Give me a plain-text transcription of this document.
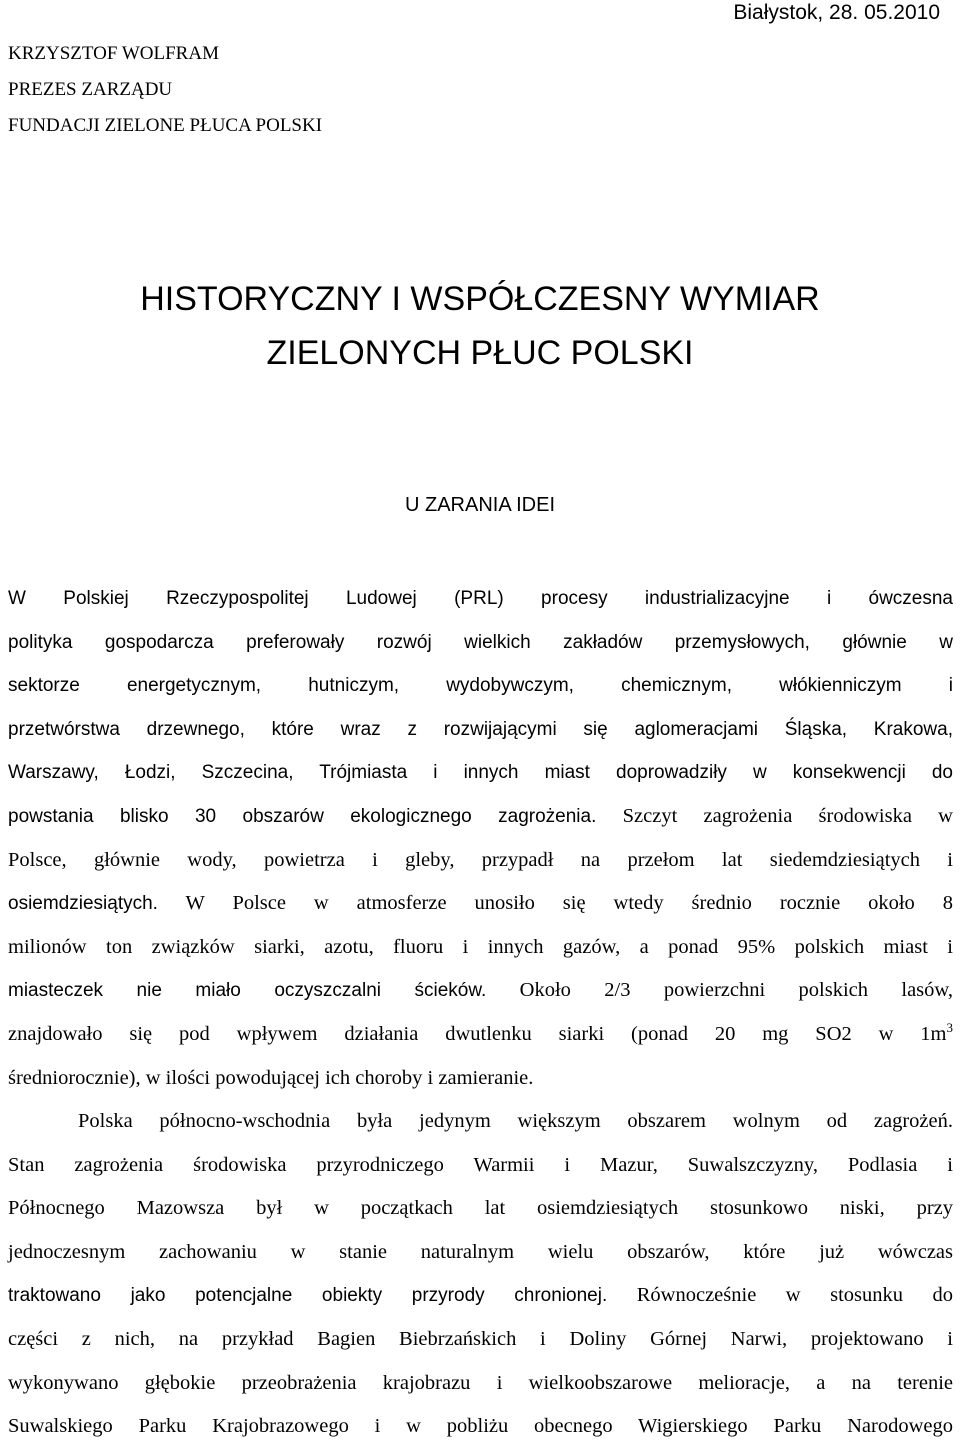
Białystok, 28. 05.2010
KRZYSZTOF WOLFRAM
PREZES ZARZĄDU
FUNDACJI ZIELONE PŁUCA POLSKI
HISTORYCZNY I WSPÓŁCZESNY WYMIAR
ZIELONYCH PŁUC POLSKI
U ZARANIA IDEI
W Polskiej Rzeczypospolitej Ludowej (PRL) procesy industrializacyjne i ówczesna
polityka gospodarcza preferowały rozwój wielkich zakładów przemysłowych, głównie w
sektorze energetycznym, hutniczym, wydobywczym, chemicznym, włókienniczym i
przetwórstwa drzewnego, które wraz z rozwijającymi się aglomeracjami Śląska, Krakowa,
Warszawy, Łodzi, Szczecina, Trójmiasta i innych miast doprowadziły w konsekwencji do
powstania blisko 30 obszarów ekologicznego zagrożenia. Szczyt zagrożenia środowiska w
Polsce, głównie wody, powietrza i gleby, przypadł na przełom lat siedemdziesiątych i
osiemdziesiątych. W Polsce w atmosferze unosiło się wtedy średnio rocznie około 8
milionów ton związków siarki, azotu, fluoru i innych gazów, a ponad 95% polskich miast i
miasteczek nie miało oczyszczalni ścieków. Około 2/3 powierzchni polskich lasów,
znajdowało się pod wpływem działania dwutlenku siarki (ponad 20 mg SO2 w $1m^3$
średniorocznie), w ilości powodującej ich choroby i zamieranie.
Polska północno-wschodnia była jedynym większym obszarem wolnym od zagrożeń.
Stan zagrożenia środowiska przyrodniczego Warmii i Mazur, Suwalszczyzny, Podlasia i
Północnego Mazowsza był w początkach lat osiemdziesiątych stosunkowo niski, przy
jednoczesnym zachowaniu w stanie naturalnym wielu obszarów, które już wówczas
traktowano jako potencjalne obiekty przyrody chronionej. Równocześnie w stosunku do
części z nich, na przykład Bagien Biebrzańskich i Doliny Górnej Narwi, projektowano i
wykonywano głębokie przeobrażenia krajobrazu i wielkoobszarowe melioracje, a na terenie
Suwalskiego Parku Krajobrazowego i w pobliżu obecnego Wigierskiego Parku Narodowego
